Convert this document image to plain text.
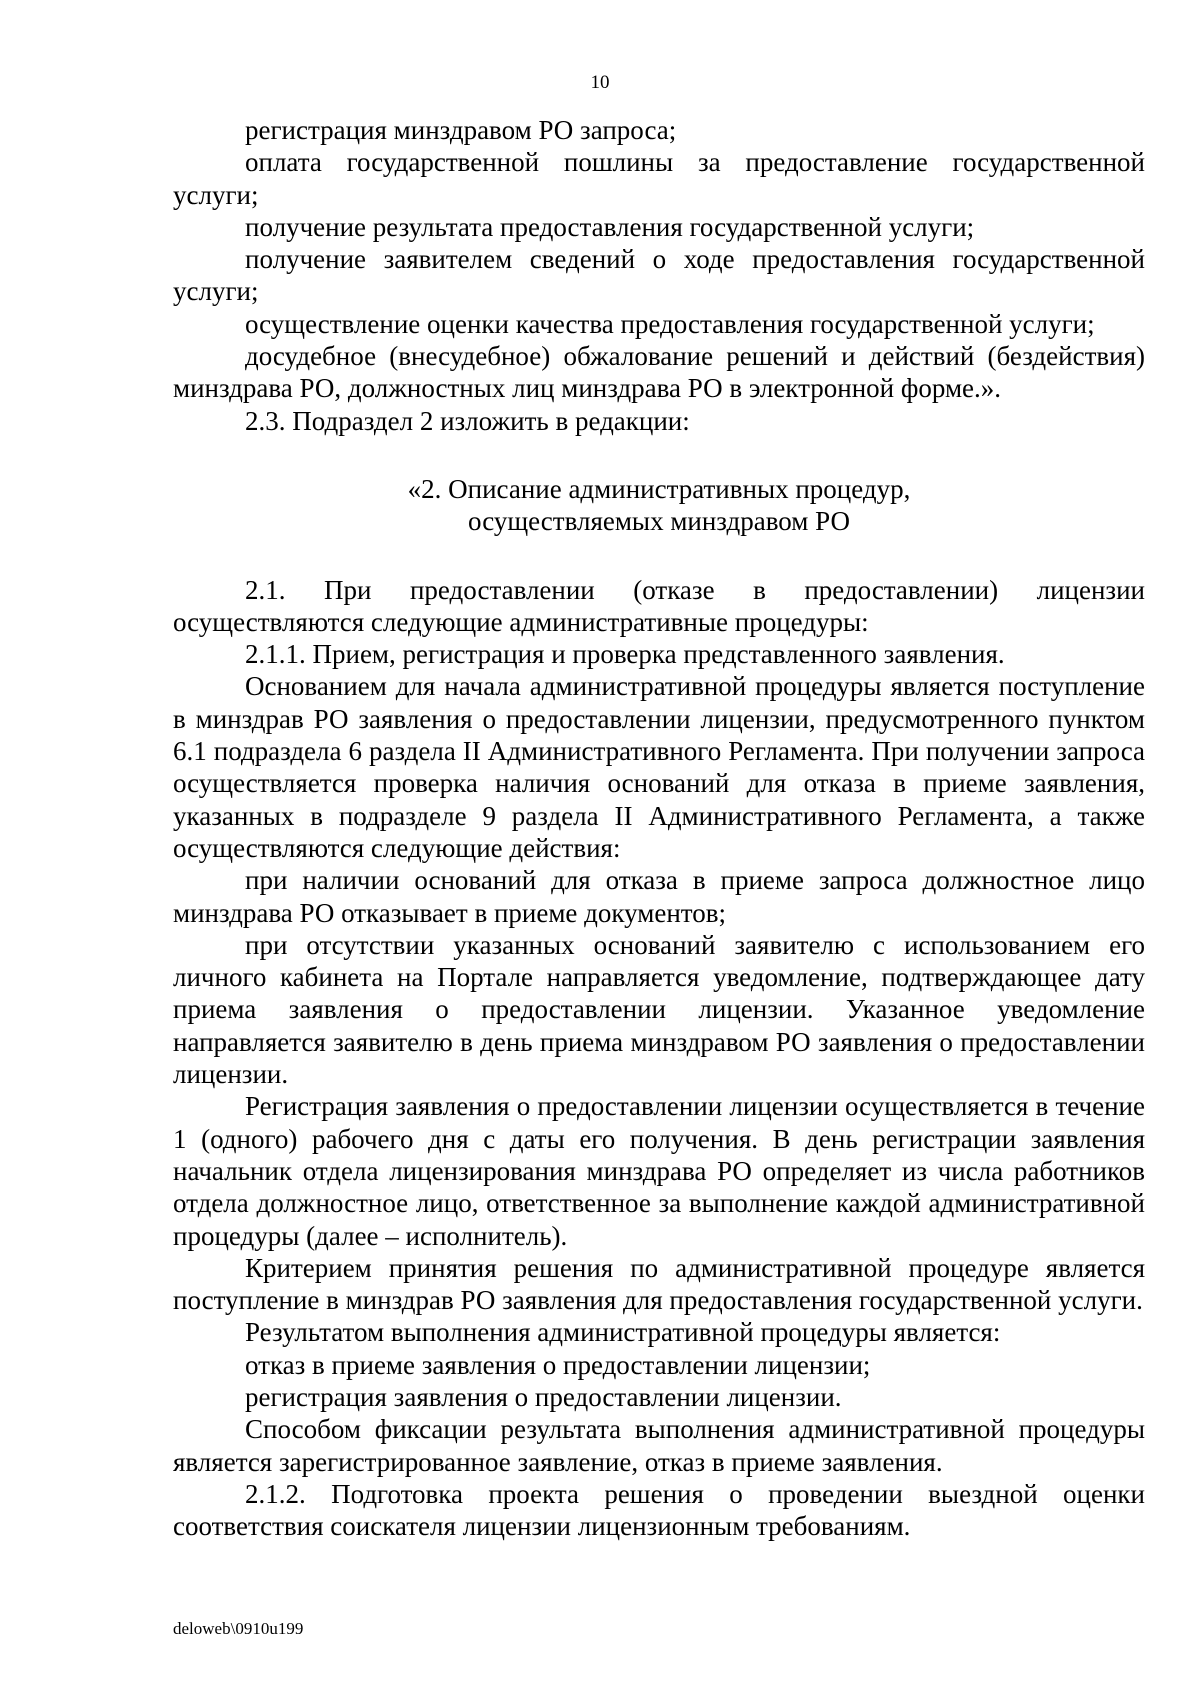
10

регистрация минздравом РО запроса;

оплата государственной пошлины за предоставление государственной услуги;

получение результата предоставления государственной услуги;

получение заявителем сведений о ходе предоставления государственной услуги;

осуществление оценки качества предоставления государственной услуги;

досудебное (внесудебное) обжалование решений и действий (бездействия) минздрава РО, должностных лиц минздрава РО в электронной форме.».

2.3. Подраздел 2 изложить в редакции:

«2. Описание административных процедур,

осуществляемых минздравом РО

2.1. При предоставлении (отказе в предоставлении) лицензии осуществляются следующие административные процедуры:

2.1.1. Прием, регистрация и проверка представленного заявления.

Основанием для начала административной процедуры является поступление в минздрав РО заявления о предоставлении лицензии, предусмотренного пунктом 6.1 подраздела 6 раздела II Административного Регламента. При получении запроса осуществляется проверка наличия оснований для отказа в приеме заявления, указанных в подразделе 9 раздела II Административного Регламента, а также осуществляются следующие действия:

при наличии оснований для отказа в приеме запроса должностное лицо минздрава РО отказывает в приеме документов;

при отсутствии указанных оснований заявителю с использованием его личного кабинета на Портале направляется уведомление, подтверждающее дату приема заявления о предоставлении лицензии. Указанное уведомление направляется заявителю в день приема минздравом РО заявления о предоставлении лицензии.

Регистрация заявления о предоставлении лицензии осуществляется в течение 1 (одного) рабочего дня с даты его получения. В день регистрации заявления начальник отдела лицензирования минздрава РО определяет из числа работников отдела должностное лицо, ответственное за выполнение каждой административной процедуры (далее – исполнитель).

Критерием принятия решения по административной процедуре является поступление в минздрав РО заявления для предоставления государственной услуги.

Результатом выполнения административной процедуры является:

отказ в приеме заявления о предоставлении лицензии;

регистрация заявления о предоставлении лицензии.

Способом фиксации результата выполнения административной процедуры является зарегистрированное заявление, отказ в приеме заявления.

2.1.2. Подготовка проекта решения о проведении выездной оценки соответствия соискателя лицензии лицензионным требованиям.

deloweb\0910u199
